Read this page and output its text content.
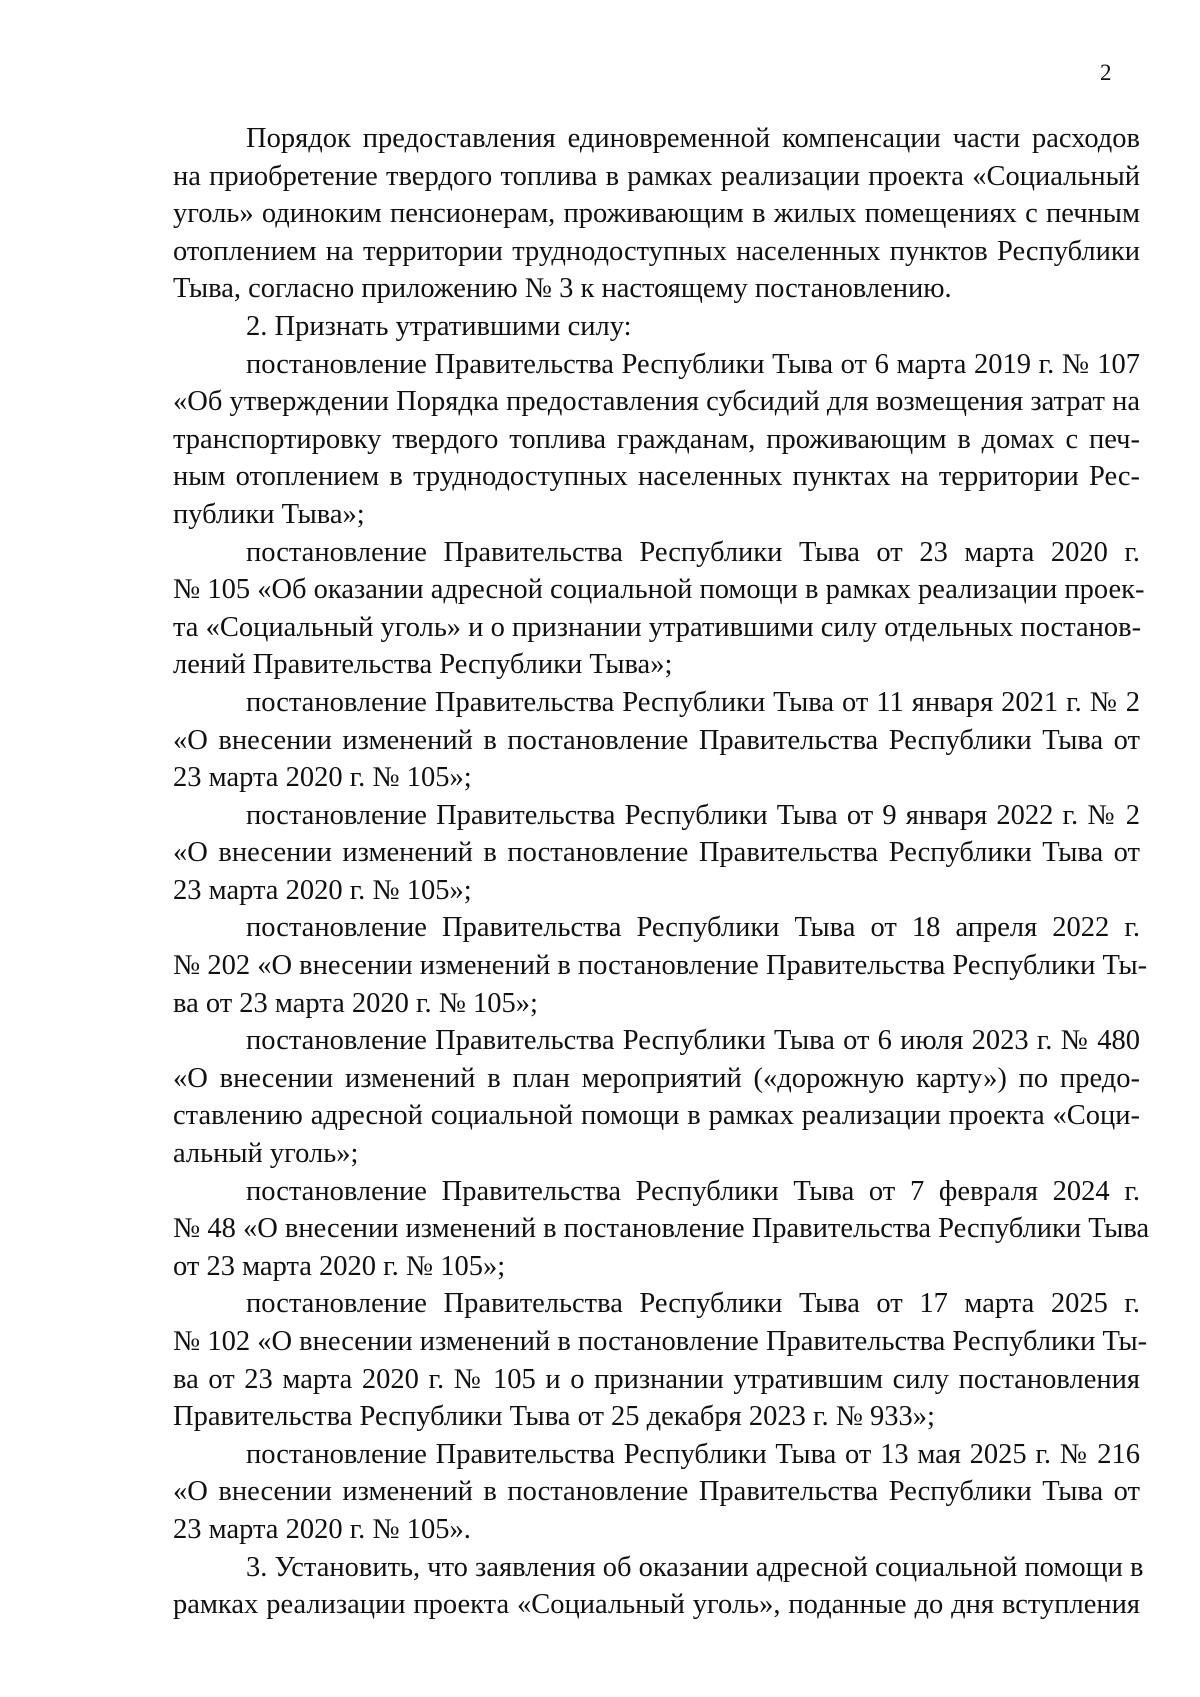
2
Порядок предоставления единовременной компенсации части расходов
на приобретение твердого топлива в рамках реализации проекта «Социальный
уголь» одиноким пенсионерам, проживающим в жилых помещениях с печным
отоплением на территории труднодоступных населенных пунктов Республики
Тыва, согласно приложению № 3 к настоящему постановлению.
2. Признать утратившими силу:
постановление Правительства Республики Тыва от 6 марта 2019 г. № 107
«Об утверждении Порядка предоставления субсидий для возмещения затрат на
транспортировку твердого топлива гражданам, проживающим в домах с печ-
ным отоплением в труднодоступных населенных пунктах на территории Рес-
публики Тыва»;
постановление Правительства Республики Тыва от 23 марта 2020 г.
№ 105 «Об оказании адресной социальной помощи в рамках реализации проек-
та «Социальный уголь» и о признании утратившими силу отдельных постанов-
лений Правительства Республики Тыва»;
постановление Правительства Республики Тыва от 11 января 2021 г. № 2
«О внесении изменений в постановление Правительства Республики Тыва от
23 марта 2020 г. № 105»;
постановление Правительства Республики Тыва от 9 января 2022 г. № 2
«О внесении изменений в постановление Правительства Республики Тыва от
23 марта 2020 г. № 105»;
постановление Правительства Республики Тыва от 18 апреля 2022 г.
№ 202 «О внесении изменений в постановление Правительства Республики Ты-
ва от 23 марта 2020 г. № 105»;
постановление Правительства Республики Тыва от 6 июля 2023 г. № 480
«О внесении изменений в план мероприятий («дорожную карту») по предо-
ставлению адресной социальной помощи в рамках реализации проекта «Соци-
альный уголь»;
постановление Правительства Республики Тыва от 7 февраля 2024 г.
№ 48 «О внесении изменений в постановление Правительства Республики Тыва
от 23 марта 2020 г. № 105»;
постановление Правительства Республики Тыва от 17 марта 2025 г.
№ 102 «О внесении изменений в постановление Правительства Республики Ты-
ва от 23 марта 2020 г. № 105 и о признании утратившим силу постановления
Правительства Республики Тыва от 25 декабря 2023 г. № 933»;
постановление Правительства Республики Тыва от 13 мая 2025 г. № 216
«О внесении изменений в постановление Правительства Республики Тыва от
23 марта 2020 г. № 105».
3. Установить, что заявления об оказании адресной социальной помощи в
рамках реализации проекта «Социальный уголь», поданные до дня вступления
